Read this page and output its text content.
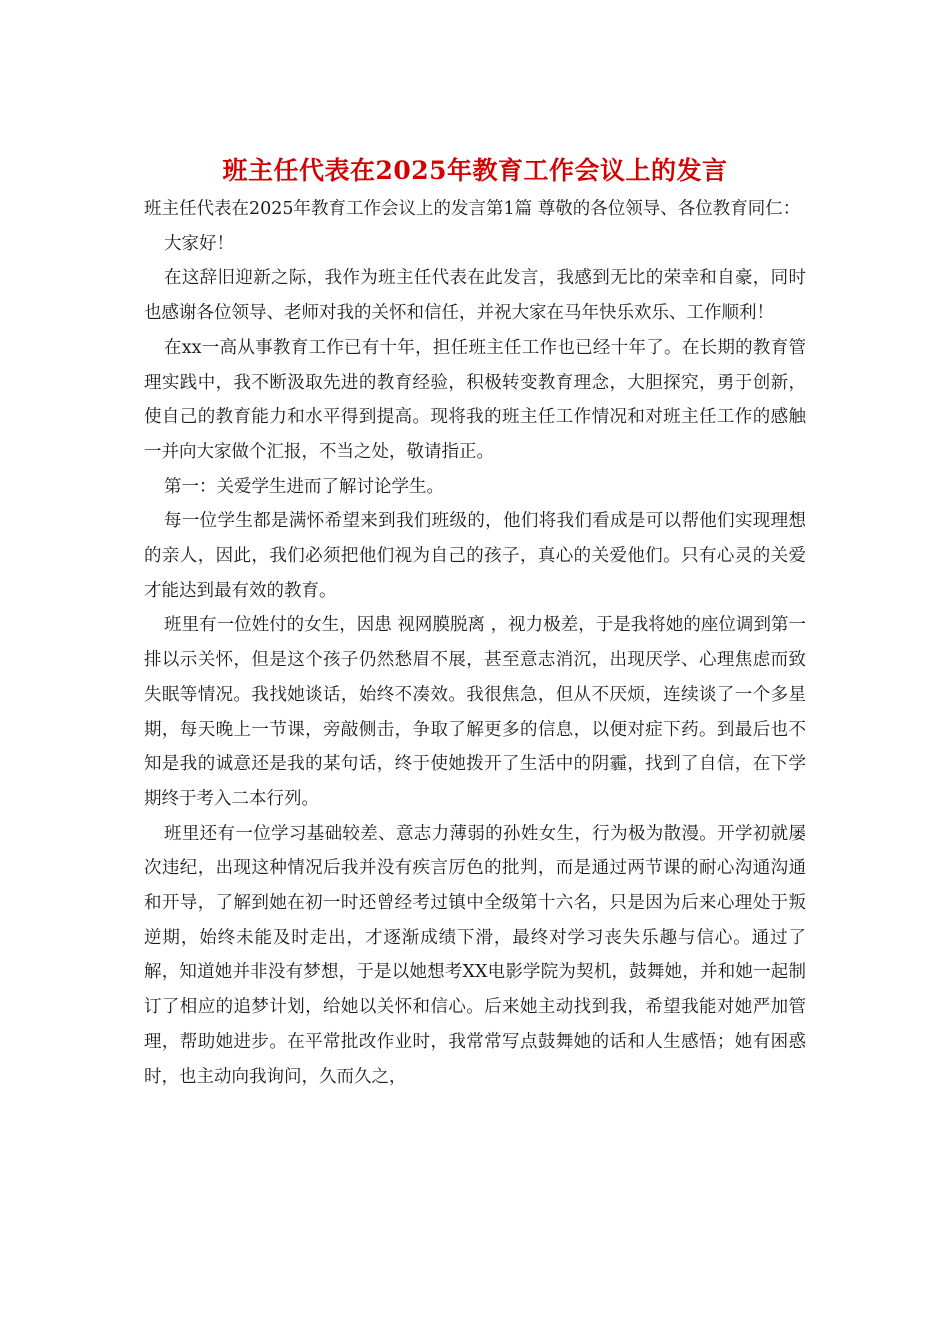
班主任代表在2025年教育工作会议上的发言

班主任代表在2025年教育工作会议上的发言第1篇 尊敬的各位领导、各位教育同仁：

大家好！

在这辞旧迎新之际，我作为班主任代表在此发言，我感到无比的荣幸和自豪，同时也感谢各位领导、老师对我的关怀和信任，并祝大家在马年快乐欢乐、工作顺利！

在xx一高从事教育工作已有十年，担任班主任工作也已经十年了。在长期的教育管理实践中，我不断汲取先进的教育经验，积极转变教育理念，大胆探究，勇于创新，使自己的教育能力和水平得到提高。现将我的班主任工作情况和对班主任工作的感触一并向大家做个汇报，不当之处，敬请指正。

第一：关爱学生进而了解讨论学生。

每一位学生都是满怀希望来到我们班级的，他们将我们看成是可以帮他们实现理想的亲人，因此，我们必须把他们视为自己的孩子，真心的关爱他们。只有心灵的关爱才能达到最有效的教育。

班里有一位姓付的女生，因患 视网膜脱离 ，视力极差，于是我将她的座位调到第一排以示关怀，但是这个孩子仍然愁眉不展，甚至意志消沉，出现厌学、心理焦虑而致失眠等情况。我找她谈话，始终不凑效。我很焦急，但从不厌烦，连续谈了一个多星期，每天晚上一节课，旁敲侧击，争取了解更多的信息，以便对症下药。到最后也不知是我的诚意还是我的某句话，终于使她拨开了生活中的阴霾，找到了自信，在下学期终于考入二本行列。

班里还有一位学习基础较差、意志力薄弱的孙姓女生，行为极为散漫。开学初就屡次违纪，出现这种情况后我并没有疾言厉色的批判，而是通过两节课的耐心沟通沟通和开导，了解到她在初一时还曾经考过镇中全级第十六名，只是因为后来心理处于叛逆期，始终未能及时走出，才逐渐成绩下滑，最终对学习丧失乐趣与信心。通过了解，知道她并非没有梦想，于是以她想考XX电影学院为契机，鼓舞她，并和她一起制订了相应的追梦计划，给她以关怀和信心。后来她主动找到我，希望我能对她严加管理，帮助她进步。在平常批改作业时，我常常写点鼓舞她的话和人生感悟；她有困惑时，也主动向我询问，久而久之，
